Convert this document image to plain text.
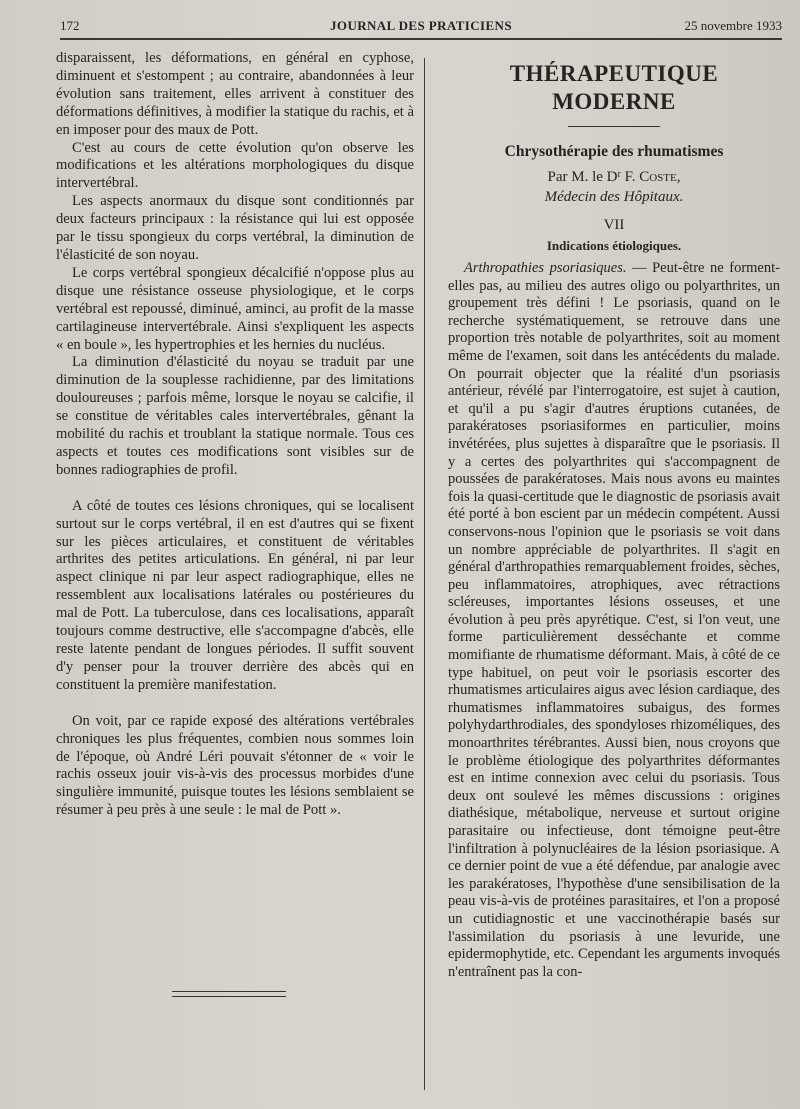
172	JOURNAL DES PRATICIENS	25 novembre 1933

disparaissent, les déformations, en général en cyphose, diminuent et s'estompent ; au contraire, abandonnées à leur évolution sans traitement, elles arrivent à constituer des déformations définitives, à modifier la statique du rachis, et à en imposer pour des maux de Pott.

C'est au cours de cette évolution qu'on observe les modifications et les altérations morphologiques du disque intervertébral.

Les aspects anormaux du disque sont conditionnés par deux facteurs principaux : la résistance qui lui est opposée par le tissu spongieux du corps vertébral, la diminution de l'élasticité de son noyau.

Le corps vertébral spongieux décalcifié n'oppose plus au disque une résistance osseuse physiologique, et le corps vertébral est repoussé, diminué, aminci, au profit de la masse cartilagineuse intervertébrale. Ainsi s'expliquent les aspects « en boule », les hypertrophies et les hernies du nucléus.

La diminution d'élasticité du noyau se traduit par une diminution de la souplesse rachidienne, par des limitations douloureuses ; parfois même, lorsque le noyau se calcifie, il se constitue de véritables cales intervertébrales, gênant la mobilité du rachis et troublant la statique normale. Tous ces aspects et toutes ces modifications sont visibles sur de bonnes radiographies de profil.

A côté de toutes ces lésions chroniques, qui se localisent surtout sur le corps vertébral, il en est d'autres qui se fixent sur les pièces articulaires, et constituent de véritables arthrites des petites articulations. En général, ni par leur aspect clinique ni par leur aspect radiographique, elles ne ressemblent aux localisations latérales ou postérieures du mal de Pott. La tuberculose, dans ces localisations, apparaît toujours comme destructive, elle s'accompagne d'abcès, elle reste latente pendant de longues périodes. Il suffit souvent d'y penser pour la trouver derrière des abcès qui en constituent la première manifestation.

On voit, par ce rapide exposé des altérations vertébrales chroniques les plus fréquentes, combien nous sommes loin de l'époque, où André Léri pouvait s'étonner de « voir le rachis osseux jouir vis-à-vis des processus morbides d'une singulière immunité, puisque toutes les lésions semblaient se résumer à peu près à une seule : le mal de Pott ».

THÉRAPEUTIQUE MODERNE
Chrysothérapie des rhumatismes
Par M. le $D^r$ F. Coste,
Médecin des Hôpitaux.
VII
Indications étiologiques.

Arthropathies psoriasiques. — Peut-être ne forment-elles pas, au milieu des autres oligo ou polyarthrites, un groupement très défini ! Le psoriasis, quand on le recherche systématiquement, se retrouve dans une proportion très notable de polyarthrites, soit au moment même de l'examen, soit dans les antécédents du malade. On pourrait objecter que la réalité d'un psoriasis antérieur, révélé par l'interrogatoire, est sujet à caution, et qu'il a pu s'agir d'autres éruptions cutanées, de parakératoses psoriasiformes en particulier, moins invétérées, plus sujettes à disparaître que le psoriasis. Il y a certes des polyarthrites qui s'accompagnent de poussées de parakératoses. Mais nous avons eu maintes fois la quasi-certitude que le diagnostic de psoriasis avait été porté à bon escient par un médecin compétent. Aussi conservons-nous l'opinion que le psoriasis se voit dans un nombre appréciable de polyarthrites. Il s'agit en général d'arthropathies remarquablement froides, sèches, peu inflammatoires, atrophiques, avec rétractions scléreuses, importantes lésions osseuses, et une évolution à peu près apyrétique. C'est, si l'on veut, une forme particulièrement desséchante et comme momifiante de rhumatisme déformant. Mais, à côté de ce type habituel, on peut voir le psoriasis escorter des rhumatismes articulaires aigus avec lésion cardiaque, des rhumatismes inflammatoires subaigus, des formes polyhydarthrodiales, des spondyloses rhizoméliques, des monoarthrites térébrantes. Aussi bien, nous croyons que le problème étiologique des polyarthrites déformantes est en intime connexion avec celui du psoriasis. Tous deux ont soulevé les mêmes discussions : origines diathésique, métabolique, nerveuse et surtout origine parasitaire ou infectieuse, dont témoigne peut-être l'infiltration à polynucléaires de la lésion psoriasique. A ce dernier point de vue a été défendue, par analogie avec les parakératoses, l'hypothèse d'une sensibilisation de la peau vis-à-vis de protéines parasitaires, et l'on a proposé un cutidiagnostic et une vaccinothérapie basés sur l'assimilation du psoriasis à une levuride, une epidermophytide, etc. Cependant les arguments invoqués n'entraînent pas la con-
